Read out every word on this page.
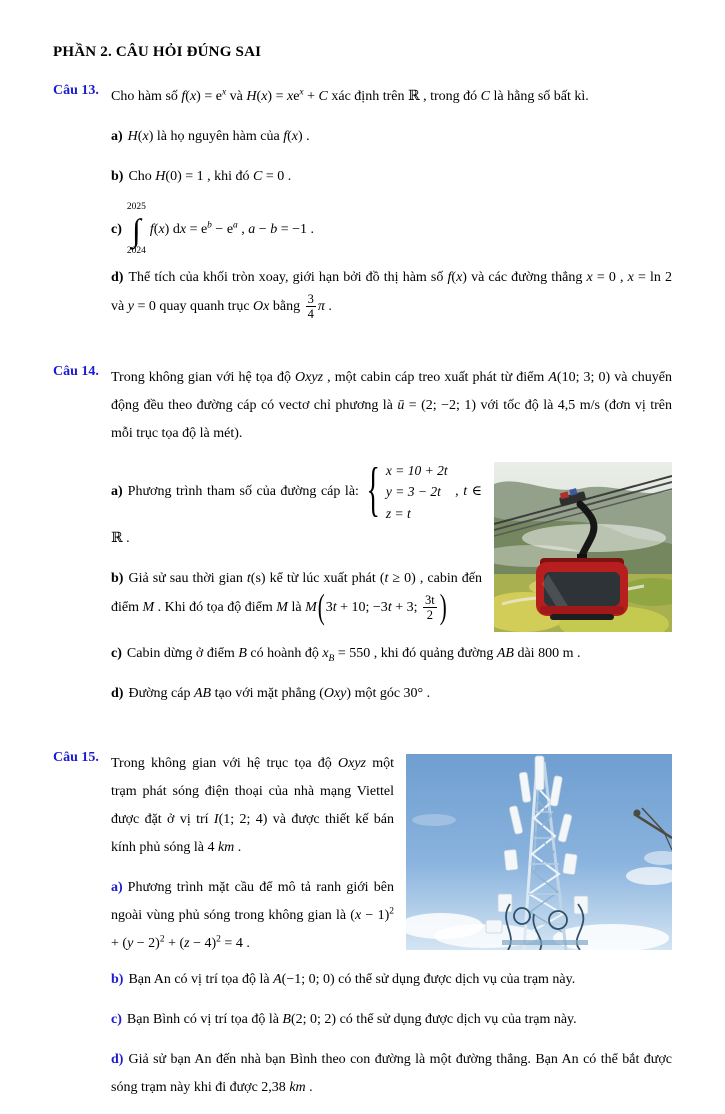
PHẦN 2. CÂU HỎI ĐÚNG SAI
Câu 13. Cho hàm số $f(x) = e^x$ và $H(x) = xe^x + C$ xác định trên ℝ , trong đó C là hằng số bất kì.
a) H(x) là họ nguyên hàm của f(x) .
b) Cho H(0) = 1 , khi đó C = 0 .
c)
2025
∫
2024
f(x) dx = $e^b - e^a$ , a − b = −1 .
d) Thể tích của khối tròn xoay, giới hạn bởi đồ thị hàm số f(x) và các đường thẳng x = 0 , x = ln 2 và y = 0 quay quanh trục Ox bằng $\frac{3}{4}$ π .
Câu 14. Trong không gian với hệ tọa độ Oxyz , một cabin cáp treo xuất phát từ điểm A(10; 3; 0) và chuyển động đều theo đường cáp có vectơ chỉ phương là ū = (2; −2; 1) với tốc độ là 4,5 m/s (đơn vị trên mỗi trục tọa độ là mét).
a) Phương trình tham số của đường cáp là: { x = 10 + 2t
y = 3 − 2t
z = t
, t ∈ ℝ .
b) Giả sử sau thời gian t(s) kể từ lúc xuất phát (t ≥ 0) , cabin đến điểm M . Khi đó tọa độ điểm M là M(3t + 10; −3t + 3; $\frac{3t}{2}$ )
c) Cabin dừng ở điểm B có hoành độ $x_B = 550$ , khi đó quảng đường AB dài 800 m .
d) Đường cáp AB tạo với mặt phẳng (Oxy) một góc 30° .
Câu 15. Trong không gian với hệ trục tọa độ Oxyz một trạm phát sóng điện thoại của nhà mạng Viettel được đặt ở vị trí I(1; 2; 4) và được thiết kế bán kính phủ sóng là 4 km .
a) Phương trình mặt cầu để mô tả ranh giới bên ngoài vùng phủ sóng trong không gian là $(x - 1)^2 + (y - 2)^2 + (z - 4)^2 = 4$ .
b) Bạn An có vị trí tọa độ là A(−1; 0; 0) có thể sử dụng được dịch vụ của trạm này.
c) Bạn Bình có vị trí tọa độ là B(2; 0; 2) có thể sử dụng được dịch vụ của trạm này.
d) Giả sử bạn An đến nhà bạn Bình theo con đường là một đường thẳng. Bạn An có thể bắt được sóng trạm này khi đi được 2,38 km .
